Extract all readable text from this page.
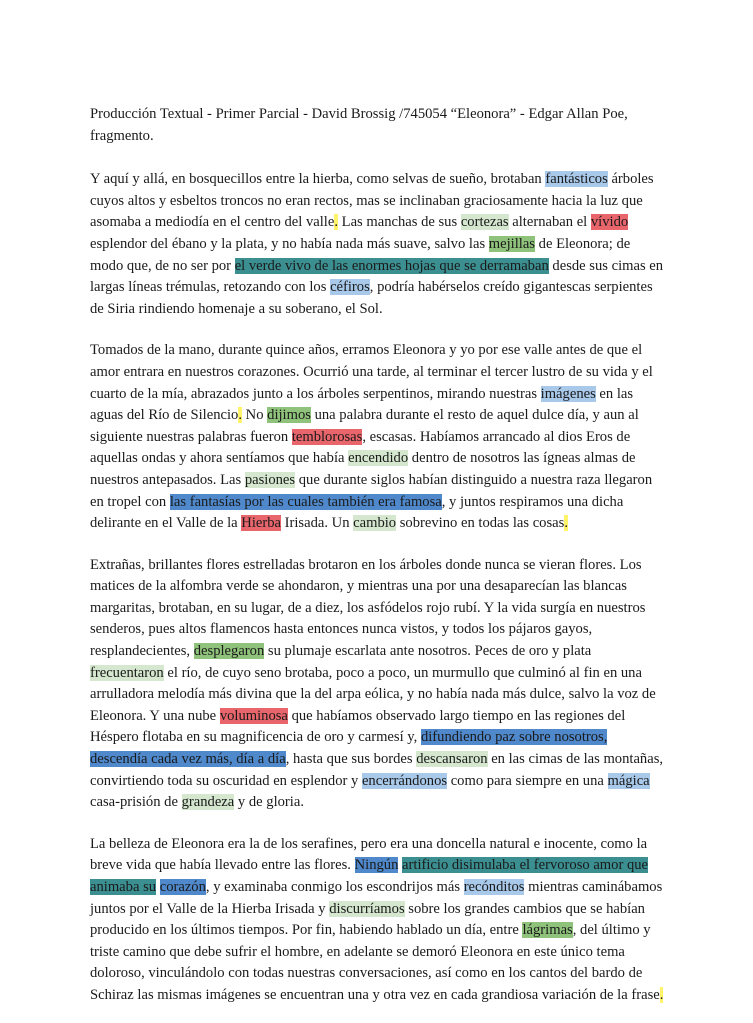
Producción Textual - Primer Parcial - David Brossig /745054 “Eleonora” - Edgar Allan Poe, fragmento.

Y aquí y allá, en bosquecillos entre la hierba, como selvas de sueño, brotaban fantásticos árboles cuyos altos y esbeltos troncos no eran rectos, mas se inclinaban graciosamente hacia la luz que asomaba a mediodía en el centro del valle. Las manchas de sus cortezas alternaban el vívido esplendor del ébano y la plata, y no había nada más suave, salvo las mejillas de Eleonora; de modo que, de no ser por el verde vivo de las enormes hojas que se derramaban desde sus cimas en largas líneas trémulas, retozando con los céfiros, podría habérselos creído gigantescas serpientes de Siria rindiendo homenaje a su soberano, el Sol.

Tomados de la mano, durante quince años, erramos Eleonora y yo por ese valle antes de que el amor entrara en nuestros corazones. Ocurrió una tarde, al terminar el tercer lustro de su vida y el cuarto de la mía, abrazados junto a los árboles serpentinos, mirando nuestras imágenes en las aguas del Río de Silencio. No dijimos una palabra durante el resto de aquel dulce día, y aun al siguiente nuestras palabras fueron temblorosas, escasas. Habíamos arrancado al dios Eros de aquellas ondas y ahora sentíamos que había encendido dentro de nosotros las ígneas almas de nuestros antepasados. Las pasiones que durante siglos habían distinguido a nuestra raza llegaron en tropel con las fantasías por las cuales también era famosa, y juntos respiramos una dicha delirante en el Valle de la Hierba Irisada. Un cambio sobrevino en todas las cosas.

Extrañas, brillantes flores estrelladas brotaron en los árboles donde nunca se vieran flores. Los matices de la alfombra verde se ahondaron, y mientras una por una desaparecían las blancas margaritas, brotaban, en su lugar, de a diez, los asfódelos rojo rubí. Y la vida surgía en nuestros senderos, pues altos flamencos hasta entonces nunca vistos, y todos los pájaros gayos, resplandecientes, desplegaron su plumaje escarlata ante nosotros. Peces de oro y plata frecuentaron el río, de cuyo seno brotaba, poco a poco, un murmullo que culminó al fin en una arrulladora melodía más divina que la del arpa eólica, y no había nada más dulce, salvo la voz de Eleonora. Y una nube voluminosa que habíamos observado largo tiempo en las regiones del Héspero flotaba en su magnificencia de oro y carmesí y, difundiendo paz sobre nosotros, descendía cada vez más, día a día, hasta que sus bordes descansaron en las cimas de las montañas, convirtiendo toda su oscuridad en esplendor y encerrándonos como para siempre en una mágica casa-prisión de grandeza y de gloria.

La belleza de Eleonora era la de los serafines, pero era una doncella natural e inocente, como la breve vida que había llevado entre las flores. Ningún artificio disimulaba el fervoroso amor que animaba su corazón, y examinaba conmigo los escondrijos más recónditos mientras caminábamos juntos por el Valle de la Hierba Irisada y discurríamos sobre los grandes cambios que se habían producido en los últimos tiempos. Por fin, habiendo hablado un día, entre lágrimas, del último y triste camino que debe sufrir el hombre, en adelante se demoró Eleonora en este único tema doloroso, vinculándolo con todas nuestras conversaciones, así como en los cantos del bardo de Schiraz las mismas imágenes se encuentran una y otra vez en cada grandiosa variación de la frase.
